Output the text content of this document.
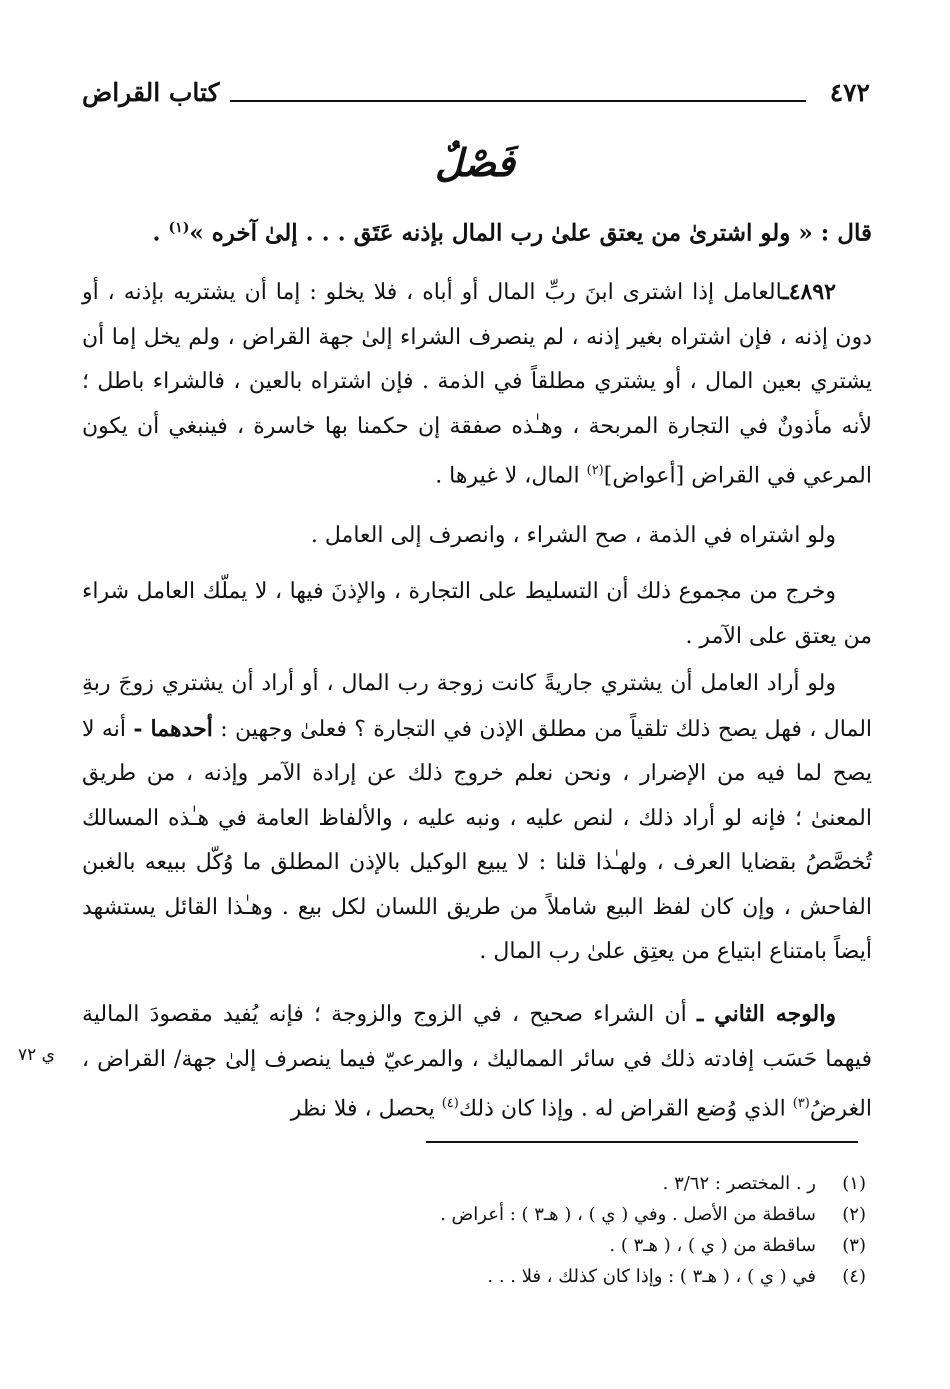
٤٧٢
كتاب القراض
فَصْلٌ

قال : « ولو اشترىٰ من يعتق علىٰ رب المال بإذنه عَتَق . . . إلىٰ آخره »$^{(١)}$ .

٤٨٩٢ـالعامل إذا اشترى ابنَ ربِّ المال أو أباه ، فلا يخلو : إما أن يشتريه بإذنه ، أو دون إذنه ، فإن اشتراه بغير إذنه ، لم ينصرف الشراء إلىٰ جهة القراض ، ولم يخل إما أن يشتري بعين المال ، أو يشتري مطلقاً في الذمة . فإن اشتراه بالعين ، فالشراء باطل ؛ لأنه مأذونٌ في التجارة المربحة ، وهـٰذه صفقة إن حكمنا بها خاسرة ، فينبغي أن يكون المرعي في القراض [أعواض]$^{(٢)}$ المال، لا غيرها .

ولو اشتراه في الذمة ، صح الشراء ، وانصرف إلى العامل .

وخرج من مجموع ذلك أن التسليط على التجارة ، والإذنَ فيها ، لا يملّك العامل شراء من يعتق على الآمر .

ولو أراد العامل أن يشتري جاريةً كانت زوجة رب المال ، أو أراد أن يشتري زوجَ ربةِ المال ، فهل يصح ذلك تلقياً من مطلق الإذن في التجارة ؟ فعلىٰ وجهين : أحدهما - أنه لا يصح لما فيه من الإضرار ، ونحن نعلم خروج ذلك عن إرادة الآمر وإذنه ، من طريق المعنىٰ ؛ فإنه لو أراد ذلك ، لنص عليه ، ونبه عليه ، والألفاظ العامة في هـٰذه المسالك تُخصَّصُ بقضايا العرف ، ولهـٰذا قلنا : لا يبيع الوكيل بالإذن المطلق ما وُكّل ببيعه بالغبن الفاحش ، وإن كان لفظ البيع شاملاً من طريق اللسان لكل بيع . وهـٰذا القائل يستشهد أيضاً بامتناع ابتياع من يعتِق علىٰ رب المال .

والوجه الثاني ـ أن الشراء صحيح ، في الزوج والزوجة ؛ فإنه يُفيد مقصودَ المالية فيهما حَسَب إفادته ذلك في سائر المماليك ، والمرعيّ فيما ينصرف إلىٰ جهة/ القراض ، الغرضُ$^{(٣)}$ الذي وُضع القراض له . وإذا كان ذلك$^{(٤)}$ يحصل ، فلا نظر

ي ٧٢
(١)
ر . المختصر : ٣/٦٢ .
(٢)
ساقطة من الأصل . وفي ( ي ) ، ( هـ٣ ) : أعراض .
(٣)
ساقطة من ( ي ) ، ( هـ٣ ) .
(٤)
في ( ي ) ، ( هـ٣ ) : وإذا كان كذلك ، فلا . . .
